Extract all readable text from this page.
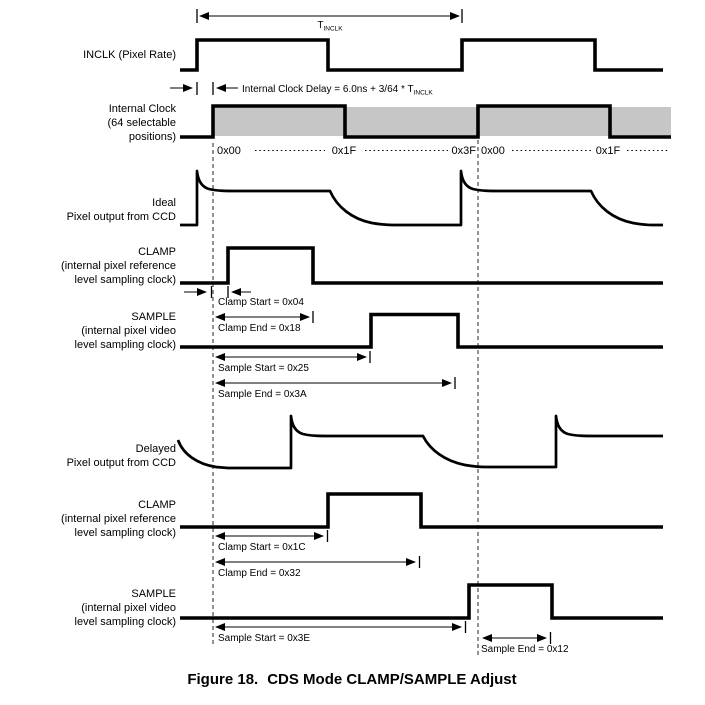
INCLK (Pixel Rate)
$T_{INCLK}$
Internal Clock Delay = $6.0ns + 3/64 * T_{INCLK}$
Internal Clock
(64 selectable
positions)
0x00	0x1F	0x3F 0x00	0x1F
Ideal
Pixel output from CCD
CLAMP
(internal pixel reference
level sampling clock)
Clamp Start = 0x04
Clamp End = 0x18
SAMPLE
(internal pixel video
level sampling clock)
Sample Start = 0x25
Sample End = 0x3A
Delayed
Pixel output from CCD
CLAMP
(internal pixel reference
level sampling clock)
Clamp Start = 0x1C
Clamp End = 0x32
SAMPLE
(internal pixel video
level sampling clock)
Sample Start = 0x3E
Sample End = 0x12
Figure 18. CDS Mode CLAMP/SAMPLE Adjust
